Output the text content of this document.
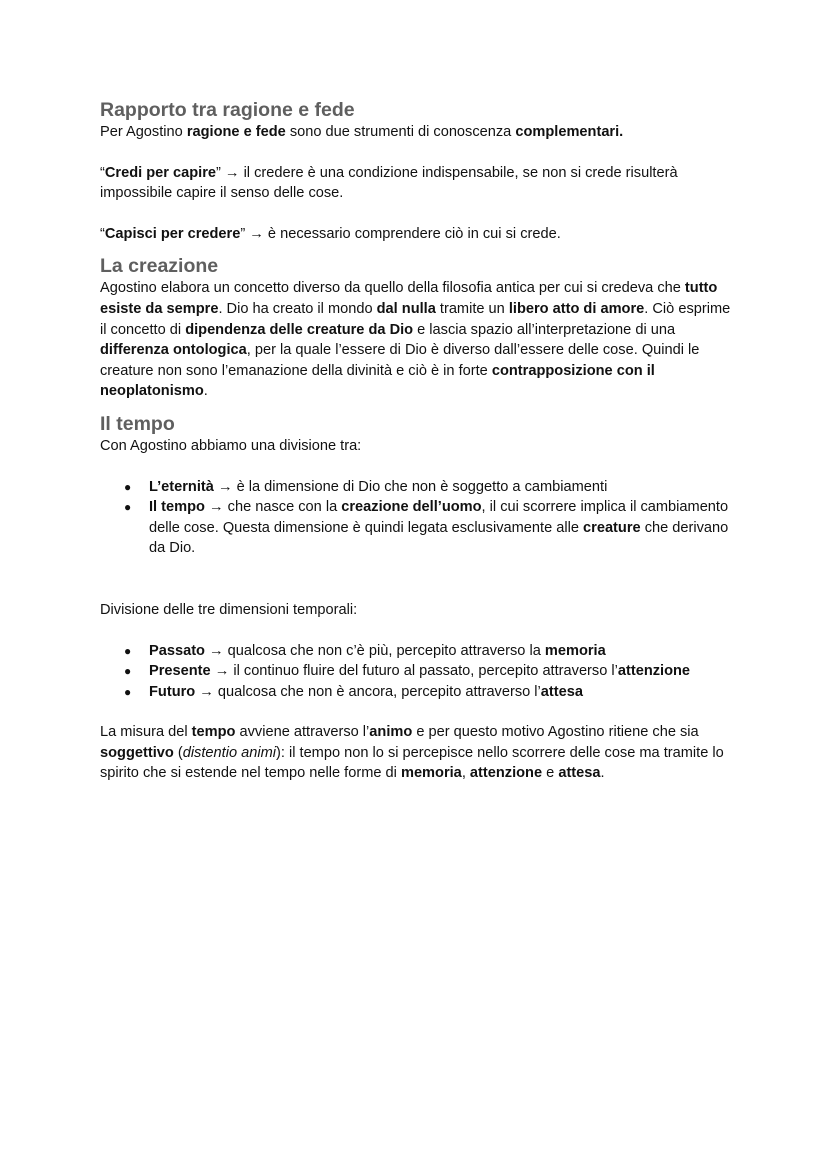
Rapporto tra ragione e fede

Per Agostino ragione e fede sono due strumenti di conoscenza complementari.

“Credi per capire” → il credere è una condizione indispensabile, se non si crede risulterà impossibile capire il senso delle cose.

“Capisci per credere” → è necessario comprendere ciò in cui si crede.

La creazione

Agostino elabora un concetto diverso da quello della filosofia antica per cui si credeva che tutto esiste da sempre. Dio ha creato il mondo dal nulla tramite un libero atto di amore. Ciò esprime il concetto di dipendenza delle creature da Dio e lascia spazio all’interpretazione di una differenza ontologica, per la quale l’essere di Dio è diverso dall’essere delle cose. Quindi le creature non sono l’emanazione della divinità e ciò è in forte contrapposizione con il neoplatonismo.

Il tempo

Con Agostino abbiamo una divisione tra:

● L’eternità → è la dimensione di Dio che non è soggetto a cambiamenti
● Il tempo → che nasce con la creazione dell’uomo, il cui scorrere implica il cambiamento delle cose. Questa dimensione è quindi legata esclusivamente alle creature che derivano da Dio.

Divisione delle tre dimensioni temporali:

● Passato → qualcosa che non c’è più, percepito attraverso la memoria
● Presente → il continuo fluire del futuro al passato, percepito attraverso l’attenzione
● Futuro → qualcosa che non è ancora, percepito attraverso l’attesa

La misura del tempo avviene attraverso l’animo e per questo motivo Agostino ritiene che sia soggettivo (distentio animi): il tempo non lo si percepisce nello scorrere delle cose ma tramite lo spirito che si estende nel tempo nelle forme di memoria, attenzione e attesa.
